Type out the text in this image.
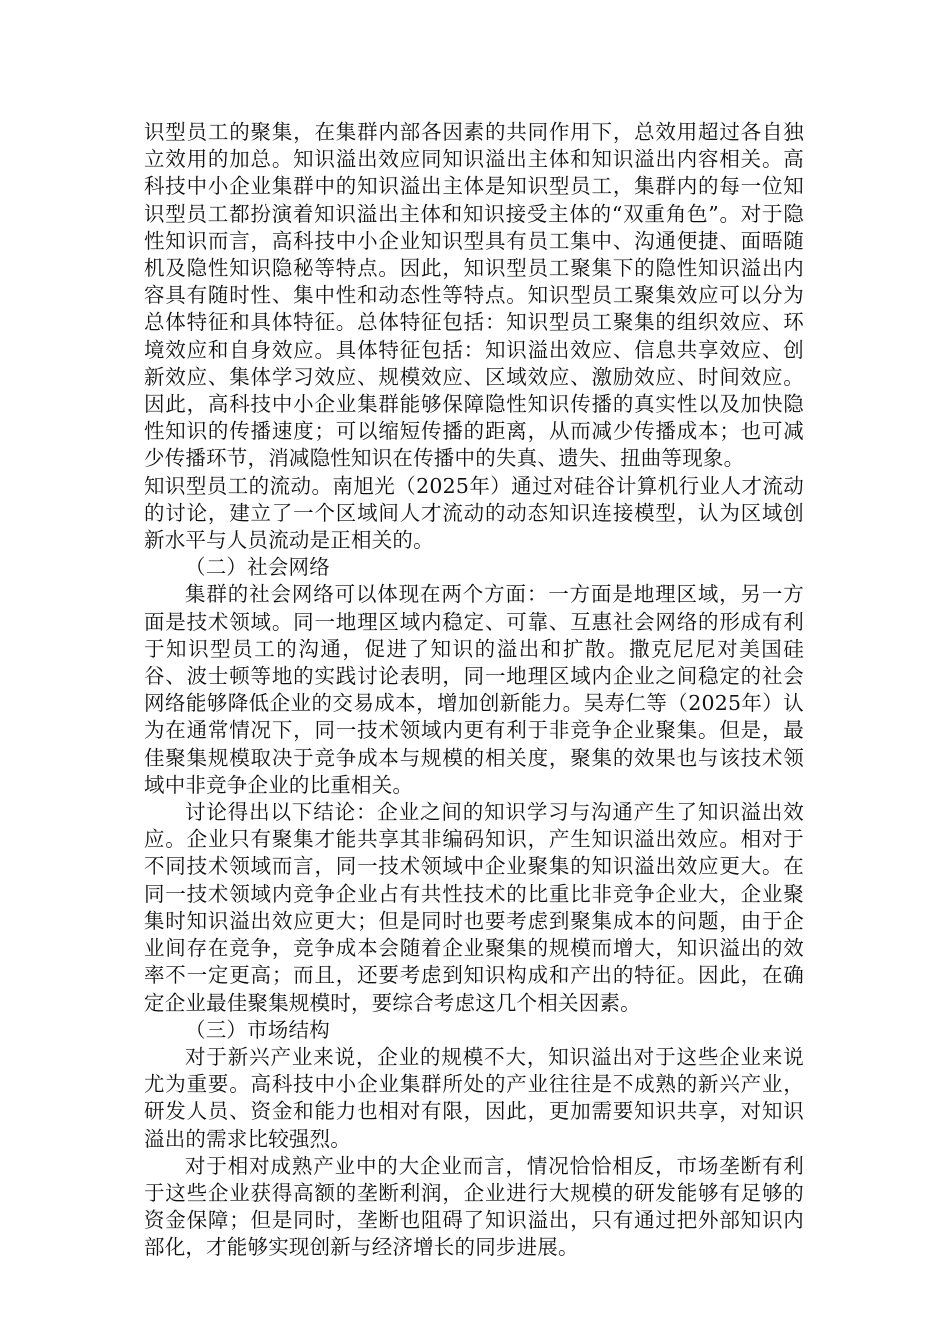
识型员工的聚集，在集群内部各因素的共同作用下，总效用超过各自独立效用的加总。知识溢出效应同知识溢出主体和知识溢出内容相关。高科技中小企业集群中的知识溢出主体是知识型员工，集群内的每一位知识型员工都扮演着知识溢出主体和知识接受主体的“双重角色”。对于隐性知识而言，高科技中小企业知识型具有员工集中、沟通便捷、面晤随机及隐性知识隐秘等特点。因此，知识型员工聚集下的隐性知识溢出内容具有随时性、集中性和动态性等特点。知识型员工聚集效应可以分为总体特征和具体特征。总体特征包括：知识型员工聚集的组织效应、环境效应和自身效应。具体特征包括：知识溢出效应、信息共享效应、创新效应、集体学习效应、规模效应、区域效应、激励效应、时间效应。因此，高科技中小企业集群能够保障隐性知识传播的真实性以及加快隐性知识的传播速度；可以缩短传播的距离，从而减少传播成本；也可减少传播环节，消减隐性知识在传播中的失真、遗失、扭曲等现象。

知识型员工的流动。南旭光（2025年）通过对硅谷计算机行业人才流动的讨论，建立了一个区域间人才流动的动态知识连接模型，认为区域创新水平与人员流动是正相关的。

（二）社会网络

集群的社会网络可以体现在两个方面：一方面是地理区域，另一方面是技术领域。同一地理区域内稳定、可靠、互惠社会网络的形成有利于知识型员工的沟通，促进了知识的溢出和扩散。撒克尼尼对美国硅谷、波士顿等地的实践讨论表明，同一地理区域内企业之间稳定的社会网络能够降低企业的交易成本，增加创新能力。吴寿仁等（2025年）认为在通常情况下，同一技术领域内更有利于非竞争企业聚集。但是，最佳聚集规模取决于竞争成本与规模的相关度，聚集的效果也与该技术领域中非竞争企业的比重相关。

讨论得出以下结论：企业之间的知识学习与沟通产生了知识溢出效应。企业只有聚集才能共享其非编码知识，产生知识溢出效应。相对于不同技术领域而言，同一技术领域中企业聚集的知识溢出效应更大。在同一技术领域内竞争企业占有共性技术的比重比非竞争企业大，企业聚集时知识溢出效应更大；但是同时也要考虑到聚集成本的问题，由于企业间存在竞争，竞争成本会随着企业聚集的规模而增大，知识溢出的效率不一定更高；而且，还要考虑到知识构成和产出的特征。因此，在确定企业最佳聚集规模时，要综合考虑这几个相关因素。

（三）市场结构

对于新兴产业来说，企业的规模不大，知识溢出对于这些企业来说尤为重要。高科技中小企业集群所处的产业往往是不成熟的新兴产业，研发人员、资金和能力也相对有限，因此，更加需要知识共享，对知识溢出的需求比较强烈。

对于相对成熟产业中的大企业而言，情况恰恰相反，市场垄断有利于这些企业获得高额的垄断利润，企业进行大规模的研发能够有足够的资金保障；但是同时，垄断也阻碍了知识溢出，只有通过把外部知识内部化，才能够实现创新与经济增长的同步进展。
